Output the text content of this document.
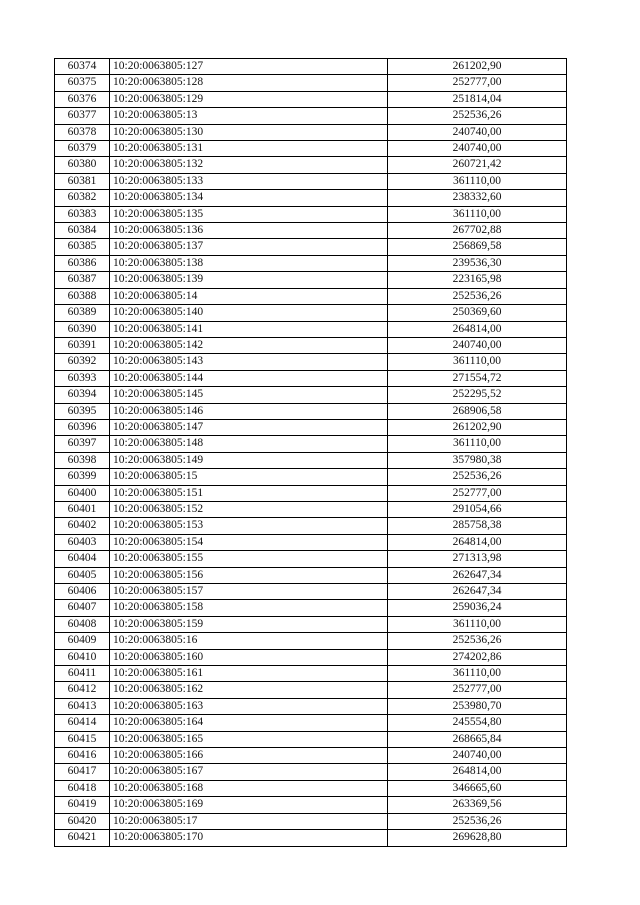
60374	10:20:0063805:127	261202,90
60375	10:20:0063805:128	252777,00
60376	10:20:0063805:129	251814,04
60377	10:20:0063805:13	252536,26
60378	10:20:0063805:130	240740,00
60379	10:20:0063805:131	240740,00
60380	10:20:0063805:132	260721,42
60381	10:20:0063805:133	361110,00
60382	10:20:0063805:134	238332,60
60383	10:20:0063805:135	361110,00
60384	10:20:0063805:136	267702,88
60385	10:20:0063805:137	256869,58
60386	10:20:0063805:138	239536,30
60387	10:20:0063805:139	223165,98
60388	10:20:0063805:14	252536,26
60389	10:20:0063805:140	250369,60
60390	10:20:0063805:141	264814,00
60391	10:20:0063805:142	240740,00
60392	10:20:0063805:143	361110,00
60393	10:20:0063805:144	271554,72
60394	10:20:0063805:145	252295,52
60395	10:20:0063805:146	268906,58
60396	10:20:0063805:147	261202,90
60397	10:20:0063805:148	361110,00
60398	10:20:0063805:149	357980,38
60399	10:20:0063805:15	252536,26
60400	10:20:0063805:151	252777,00
60401	10:20:0063805:152	291054,66
60402	10:20:0063805:153	285758,38
60403	10:20:0063805:154	264814,00
60404	10:20:0063805:155	271313,98
60405	10:20:0063805:156	262647,34
60406	10:20:0063805:157	262647,34
60407	10:20:0063805:158	259036,24
60408	10:20:0063805:159	361110,00
60409	10:20:0063805:16	252536,26
60410	10:20:0063805:160	274202,86
60411	10:20:0063805:161	361110,00
60412	10:20:0063805:162	252777,00
60413	10:20:0063805:163	253980,70
60414	10:20:0063805:164	245554,80
60415	10:20:0063805:165	268665,84
60416	10:20:0063805:166	240740,00
60417	10:20:0063805:167	264814,00
60418	10:20:0063805:168	346665,60
60419	10:20:0063805:169	263369,56
60420	10:20:0063805:17	252536,26
60421	10:20:0063805:170	269628,80
